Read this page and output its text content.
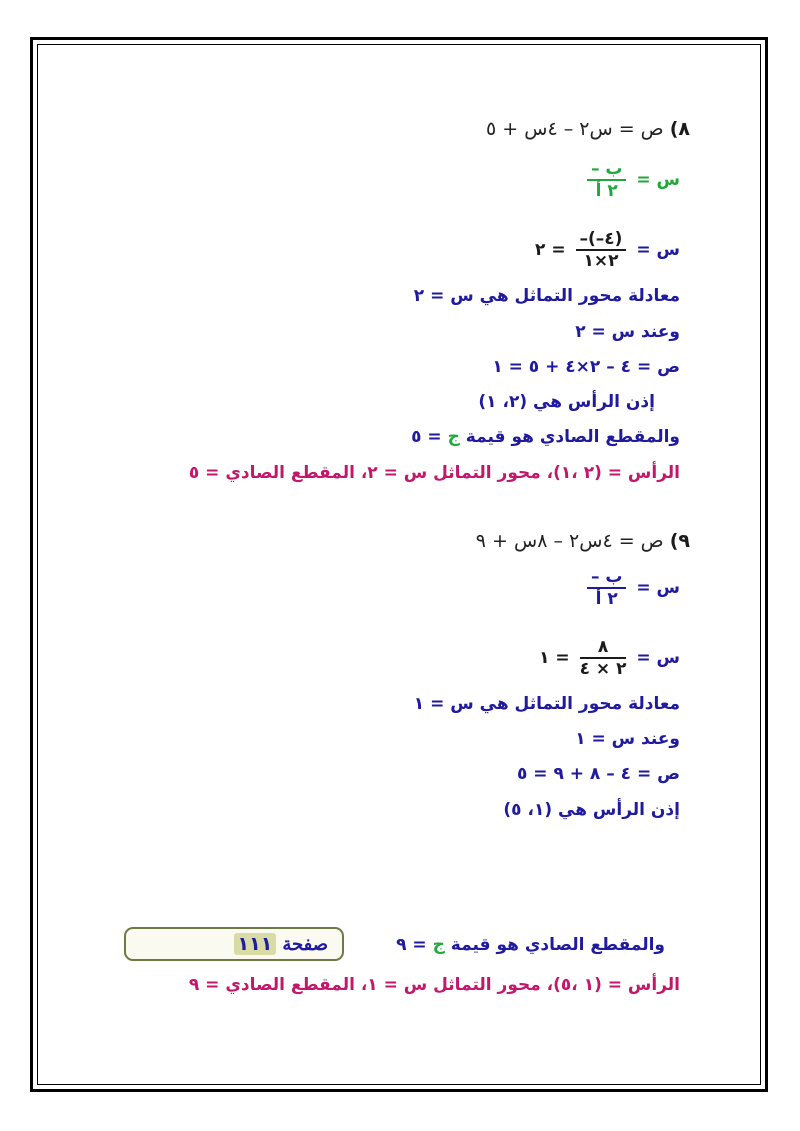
٨) ص = س٢ – ٤س + ٥
س =
$\frac{\text{– ب}}{\text{٢ أ}}$
س =
$\frac{-(-٤)}{٢\times ١}$
= ٢
معادلة محور التماثل هي س = ٢
وعند س = ٢
ص = ٤ – ٢×٤ + ٥ = ١
إذن الرأس هي (٢، ١)
والمقطع الصادي هو قيمة ج = ٥
الرأس = (٢ ،١)، محور التماثل س = ٢، المقطع الصادي = ٥
٩) ص = ٤س٢ – ٨س + ٩
س =
$\frac{\text{– ب}}{\text{٢ أ}}$
س =
$\frac{٨}{٢ \times ٤}$
= ١
معادلة محور التماثل هي س = ١
وعند س = ١
ص = ٤ – ٨ + ٩ = ٥
إذن الرأس هي (١، ٥)
صفحة
١١١	والمقطع الصادي هو قيمة ج = ٩
الرأس = (١ ،٥)، محور التماثل س = ١، المقطع الصادي = ٩
